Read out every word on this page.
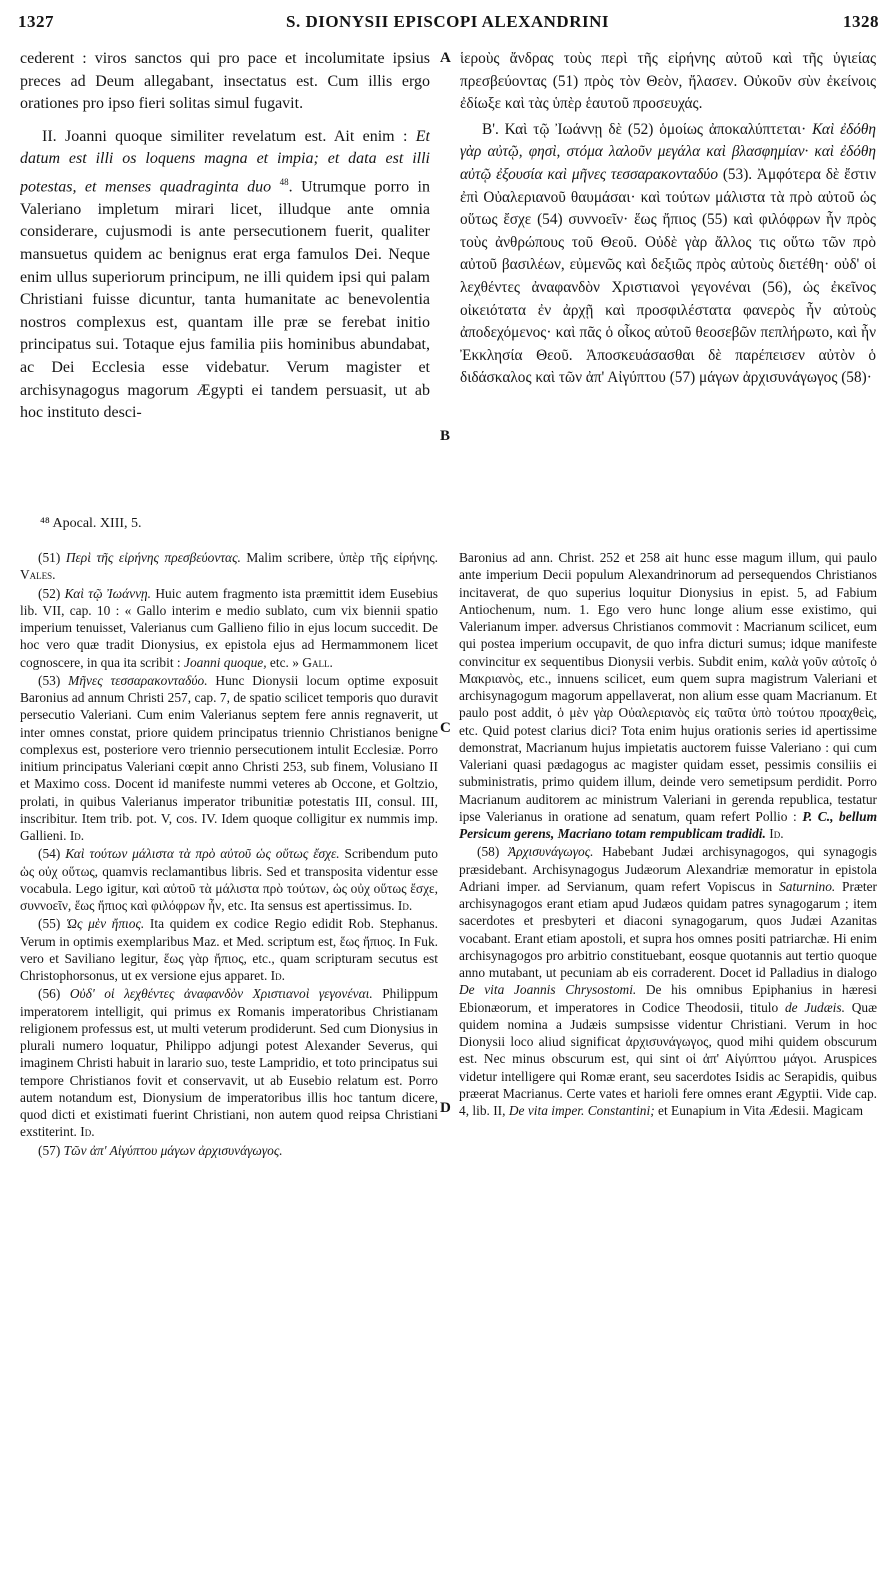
1327	S. DIONYSII EPISCOPI ALEXANDRINI	1328
A
B
C
D

cederent : viros sanctos qui pro pace et incolumitate ipsius preces ad Deum allegabant, insectatus est. Cum illis ergo orationes pro ipso fieri solitas simul fugavit.

II. Joanni quoque similiter revelatum est. Ait enim : Et datum est illi os loquens magna et impia; et data est illi potestas, et menses quadraginta duo $^{48}$. Utrumque porro in Valeriano impletum mirari licet, illudque ante omnia considerare, cujusmodi is ante persecutionem fuerit, qualiter mansuetus quidem ac benignus erat erga famulos Dei. Neque enim ullus superiorum principum, ne illi quidem ipsi qui palam Christiani fuisse dicuntur, tanta humanitate ac benevolentia nostros complexus est, quantam ille præ se ferebat initio principatus sui. Totaque ejus familia piis hominibus abundabat, ac Dei Ecclesia esse videbatur. Verum magister et archisynagogus magorum Ægypti ei tandem persuasit, ut ab hoc instituto desci-

ἱεροὺς ἄνδρας τοὺς περὶ τῆς εἰρήνης αὐτοῦ καὶ τῆς ὑγιείας πρεσβεύοντας (51) πρὸς τὸν Θεὸν, ἤλασεν. Οὐκοῦν σὺν ἐκείνοις ἐδίωξε καὶ τὰς ὑπὲρ ἑαυτοῦ προσευχάς.

Β'. Καὶ τῷ Ἰωάννῃ δὲ (52) ὁμοίως ἀποκαλύπτεται· Καὶ ἐδόθη γὰρ αὐτῷ, φησὶ, στόμα λαλοῦν μεγάλα καὶ βλασφημίαν· καὶ ἐδόθη αὐτῷ ἐξουσία καὶ μῆνες τεσσαρακονταδύο (53). Ἀμφότερα δὲ ἔστιν ἐπὶ Οὐαλεριανοῦ θαυμάσαι· καὶ τούτων μάλιστα τὰ πρὸ αὐτοῦ ὡς οὕτως ἔσχε (54) συννοεῖν· ἕως ἤπιος (55) καὶ φιλόφρων ἦν πρὸς τοὺς ἀνθρώπους τοῦ Θεοῦ. Οὐδὲ γὰρ ἄλλος τις οὕτω τῶν πρὸ αὐτοῦ βασιλέων, εὐμενῶς καὶ δεξιῶς πρὸς αὐτοὺς διετέθη· οὐδ' οἱ λεχθέντες ἀναφανδὸν Χριστιανοὶ γεγονέναι (56), ὡς ἐκεῖνος οἰκειότατα ἐν ἀρχῇ καὶ προσφιλέστατα φανερὸς ἦν αὐτοὺς ἀποδεχόμενος· καὶ πᾶς ὁ οἶκος αὐτοῦ θεοσεβῶν πεπλήρωτο, καὶ ἦν Ἐκκλησία Θεοῦ. Ἀποσκευάσασθαι δὲ παρέπεισεν αὐτὸν ὁ διδάσκαλος καὶ τῶν ἀπ' Αἰγύπτου (57) μάγων ἀρχισυνάγωγος (58)·

⁴⁸ Apocal. XIII, 5.

(51) Περὶ τῆς εἰρήνης πρεσβεύοντας. Malim scribere, ὑπὲρ τῆς εἰρήνης. Vales.

(52) Καὶ τῷ Ἰωάννῃ. Huic autem fragmento ista præmittit idem Eusebius lib. VII, cap. 10 : « Gallo interim e medio sublato, cum vix biennii spatio imperium tenuisset, Valerianus cum Gallieno filio in ejus locum succedit. De hoc vero quæ tradit Dionysius, ex epistola ejus ad Hermammonem licet cognoscere, in qua ita scribit : Joanni quoque, etc. » Gall.

(53) Μῆνες τεσσαρακονταδύο. Hunc Dionysii locum optime exposuit Baronius ad annum Christi 257, cap. 7, de spatio scilicet temporis quo duravit persecutio Valeriani. Cum enim Valerianus septem fere annis regnaverit, ut inter omnes constat, priore quidem principatus triennio Christianos benigne complexus est, posteriore vero triennio persecutionem intulit Ecclesiæ. Porro initium principatus Valeriani cœpit anno Christi 253, sub finem, Volusiano II et Maximo coss. Docent id manifeste nummi veteres ab Occone, et Goltzio, prolati, in quibus Valerianus imperator tribunitiæ potestatis III, consul. III, inscribitur. Item trib. pot. V, cos. IV. Idem quoque colligitur ex nummis imp. Gallieni. Id.

(54) Καὶ τούτων μάλιστα τὰ πρὸ αὐτοῦ ὡς οὕτως ἔσχε. Scribendum puto ὡς οὐχ οὕτως, quamvis reclamantibus libris. Sed et transposita videntur esse vocabula. Lego igitur, καὶ αὐτοῦ τὰ μάλιστα πρὸ τούτων, ὡς οὐχ οὕτως ἔσχε, συννοεῖν, ἕως ἤπιος καὶ φιλόφρων ἦν, etc. Ita sensus est apertissimus. Id.

(55) Ὡς μὲν ἤπιος. Ita quidem ex codice Regio edidit Rob. Stephanus. Verum in optimis exemplaribus Maz. et Med. scriptum est, ἕως ἤπιος. In Fuk. vero et Saviliano legitur, ἕως γὰρ ἤπιος, etc., quam scripturam secutus est Christophorsonus, ut ex versione ejus apparet. Id.

(56) Οὐδ' οἱ λεχθέντες ἀναφανδὸν Χριστιανοὶ γεγονέναι. Philippum imperatorem intelligit, qui primus ex Romanis imperatoribus Christianam religionem professus est, ut multi veterum prodiderunt. Sed cum Dionysius in plurali numero loquatur, Philippo adjungi potest Alexander Severus, qui imaginem Christi habuit in larario suo, teste Lampridio, et toto principatus sui tempore Christianos fovit et conservavit, ut ab Eusebio relatum est. Porro autem notandum est, Dionysium de imperatoribus illis hoc tantum dicere, quod dicti et existimati fuerint Christiani, non autem quod reipsa Christiani exstiterint. Id.

(57) Τῶν ἀπ' Αἰγύπτου μάγων ἀρχισυνάγωγος.

Baronius ad ann. Christ. 252 et 258 ait hunc esse magum illum, qui paulo ante imperium Decii populum Alexandrinorum ad persequendos Christianos incitaverat, de quo superius loquitur Dionysius in epist. 5, ad Fabium Antiochenum, num. 1. Ego vero hunc longe alium esse existimo, qui Valerianum imper. adversus Christianos commovit : Macrianum scilicet, eum qui postea imperium occupavit, de quo infra dicturi sumus; idque manifeste convincitur ex sequentibus Dionysii verbis. Subdit enim, καλὰ γοῦν αὐτοῖς ὁ Μακριανὸς, etc., innuens scilicet, eum quem supra magistrum Valeriani et archisynagogum magorum appellaverat, non alium esse quam Macrianum. Et paulo post addit, ὁ μὲν γὰρ Οὐαλεριανὸς εἰς ταῦτα ὑπὸ τούτου προαχθεὶς, etc. Quid potest clarius dici? Tota enim hujus orationis series id apertissime demonstrat, Macrianum hujus impietatis auctorem fuisse Valeriano : qui cum Valeriani quasi pædagogus ac magister quidam esset, pessimis consiliis ei subministratis, primo quidem illum, deinde vero semetipsum perdidit. Porro Macrianum auditorem ac ministrum Valeriani in gerenda republica, testatur ipse Valerianus in oratione ad senatum, quam refert Pollio : P. C., bellum Persicum gerens, Macriano totam rempublicam tradidi. Id.

(58) Ἀρχισυνάγωγος. Habebant Judæi archisynagogos, qui synagogis præsidebant. Archisynagogus Judæorum Alexandriæ memoratur in epistola Adriani imper. ad Servianum, quam refert Vopiscus in Saturnino. Præter archisynagogos erant etiam apud Judæos quidam patres synagogarum ; item sacerdotes et presbyteri et diaconi synagogarum, quos Judæi Azanitas vocabant. Erant etiam apostoli, et supra hos omnes positi patriarchæ. Hi enim archisynagogos pro arbitrio constituebant, eosque quotannis aut tertio quoque anno mutabant, ut pecuniam ab eis corraderent. Docet id Palladius in dialogo De vita Joannis Chrysostomi. De his omnibus Epiphanius in hæresi Ebionæorum, et imperatores in Codice Theodosii, titulo de Judæis. Quæ quidem nomina a Judæis sumpsisse videntur Christiani. Verum in hoc Dionysii loco aliud significat ἀρχισυνάγωγος, quod mihi quidem obscurum est. Nec minus obscurum est, qui sint οἱ ἀπ' Αἰγύπτου μάγοι. Aruspices videtur intelligere qui Romæ erant, seu sacerdotes Isidis ac Serapidis, quibus præerat Macrianus. Certe vates et harioli fere omnes erant Ægyptii. Vide cap. 4, lib. II, De vita imper. Constantini; et Eunapium in Vita Ædesii. Magicam
